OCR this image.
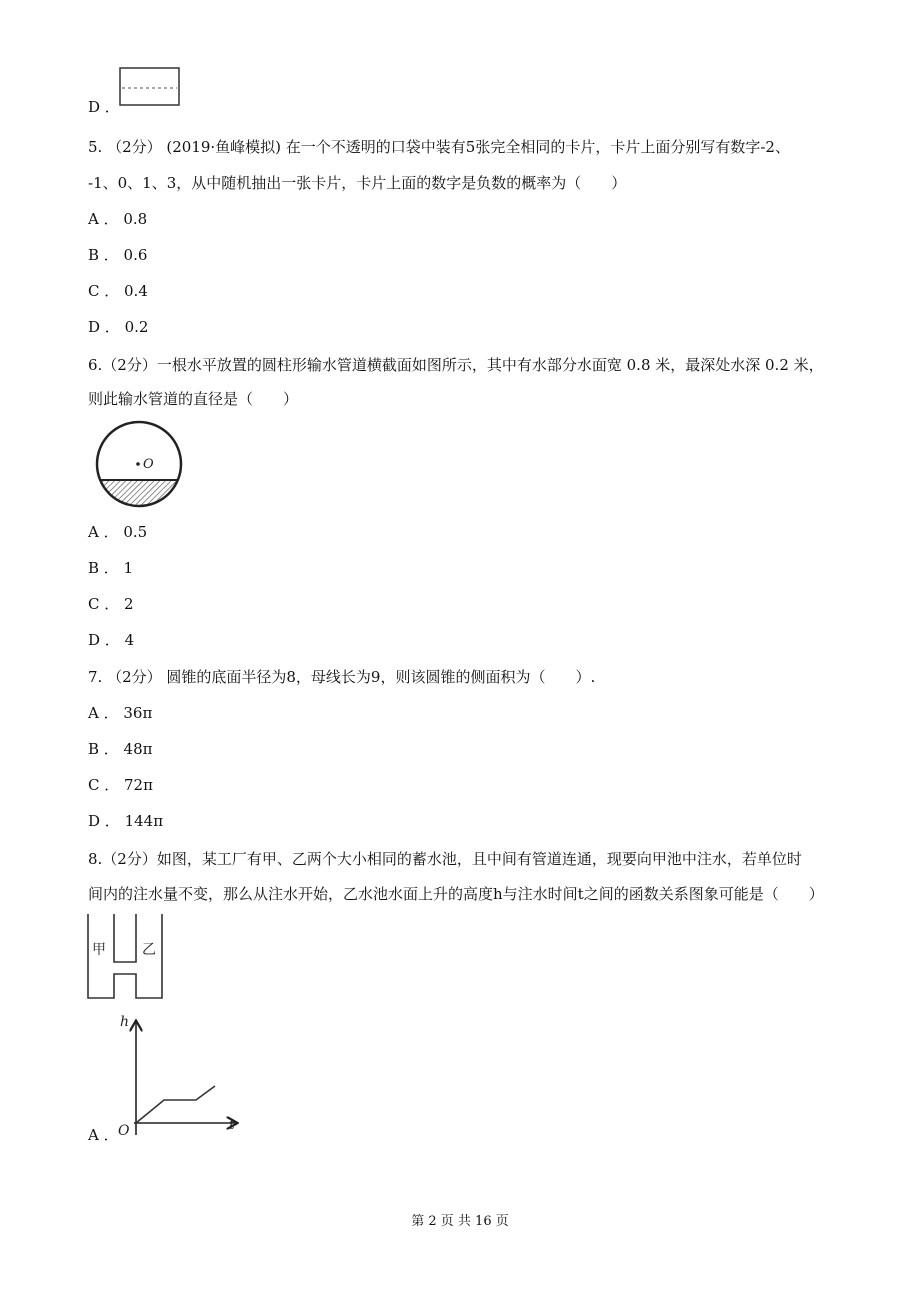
D ．
5. （2分） (2019·鱼峰模拟) 在一个不透明的口袋中装有5张完全相同的卡片，卡片上面分别写有数字-2、
-1、0、1、3，从中随机抽出一张卡片，卡片上面的数字是负数的概率为（　　）
A ． 0.8
B ． 0.6
C ． 0.4
D ． 0.2
6.（2分）一根水平放置的圆柱形输水管道横截面如图所示，其中有水部分水面宽 0.8 米，最深处水深 0.2 米，
则此输水管道的直径是（　　）
O
A ． 0.5
B ． 1
C ． 2
D ． 4
7. （2分） 圆锥的底面半径为8，母线长为9，则该圆锥的侧面积为（　　）.
A ． 36π
B ． 48π
C ． 72π
D ． 144π
8.（2分）如图，某工厂有甲、乙两个大小相同的蓄水池，且中间有管道连通，现要向甲池中注水，若单位时
间内的注水量不变，那么从注水开始，乙水池水面上升的高度h与注水时间t之间的函数关系图象可能是（　　）
甲	乙
A ．
h
t
O
第 2 页 共 16 页
